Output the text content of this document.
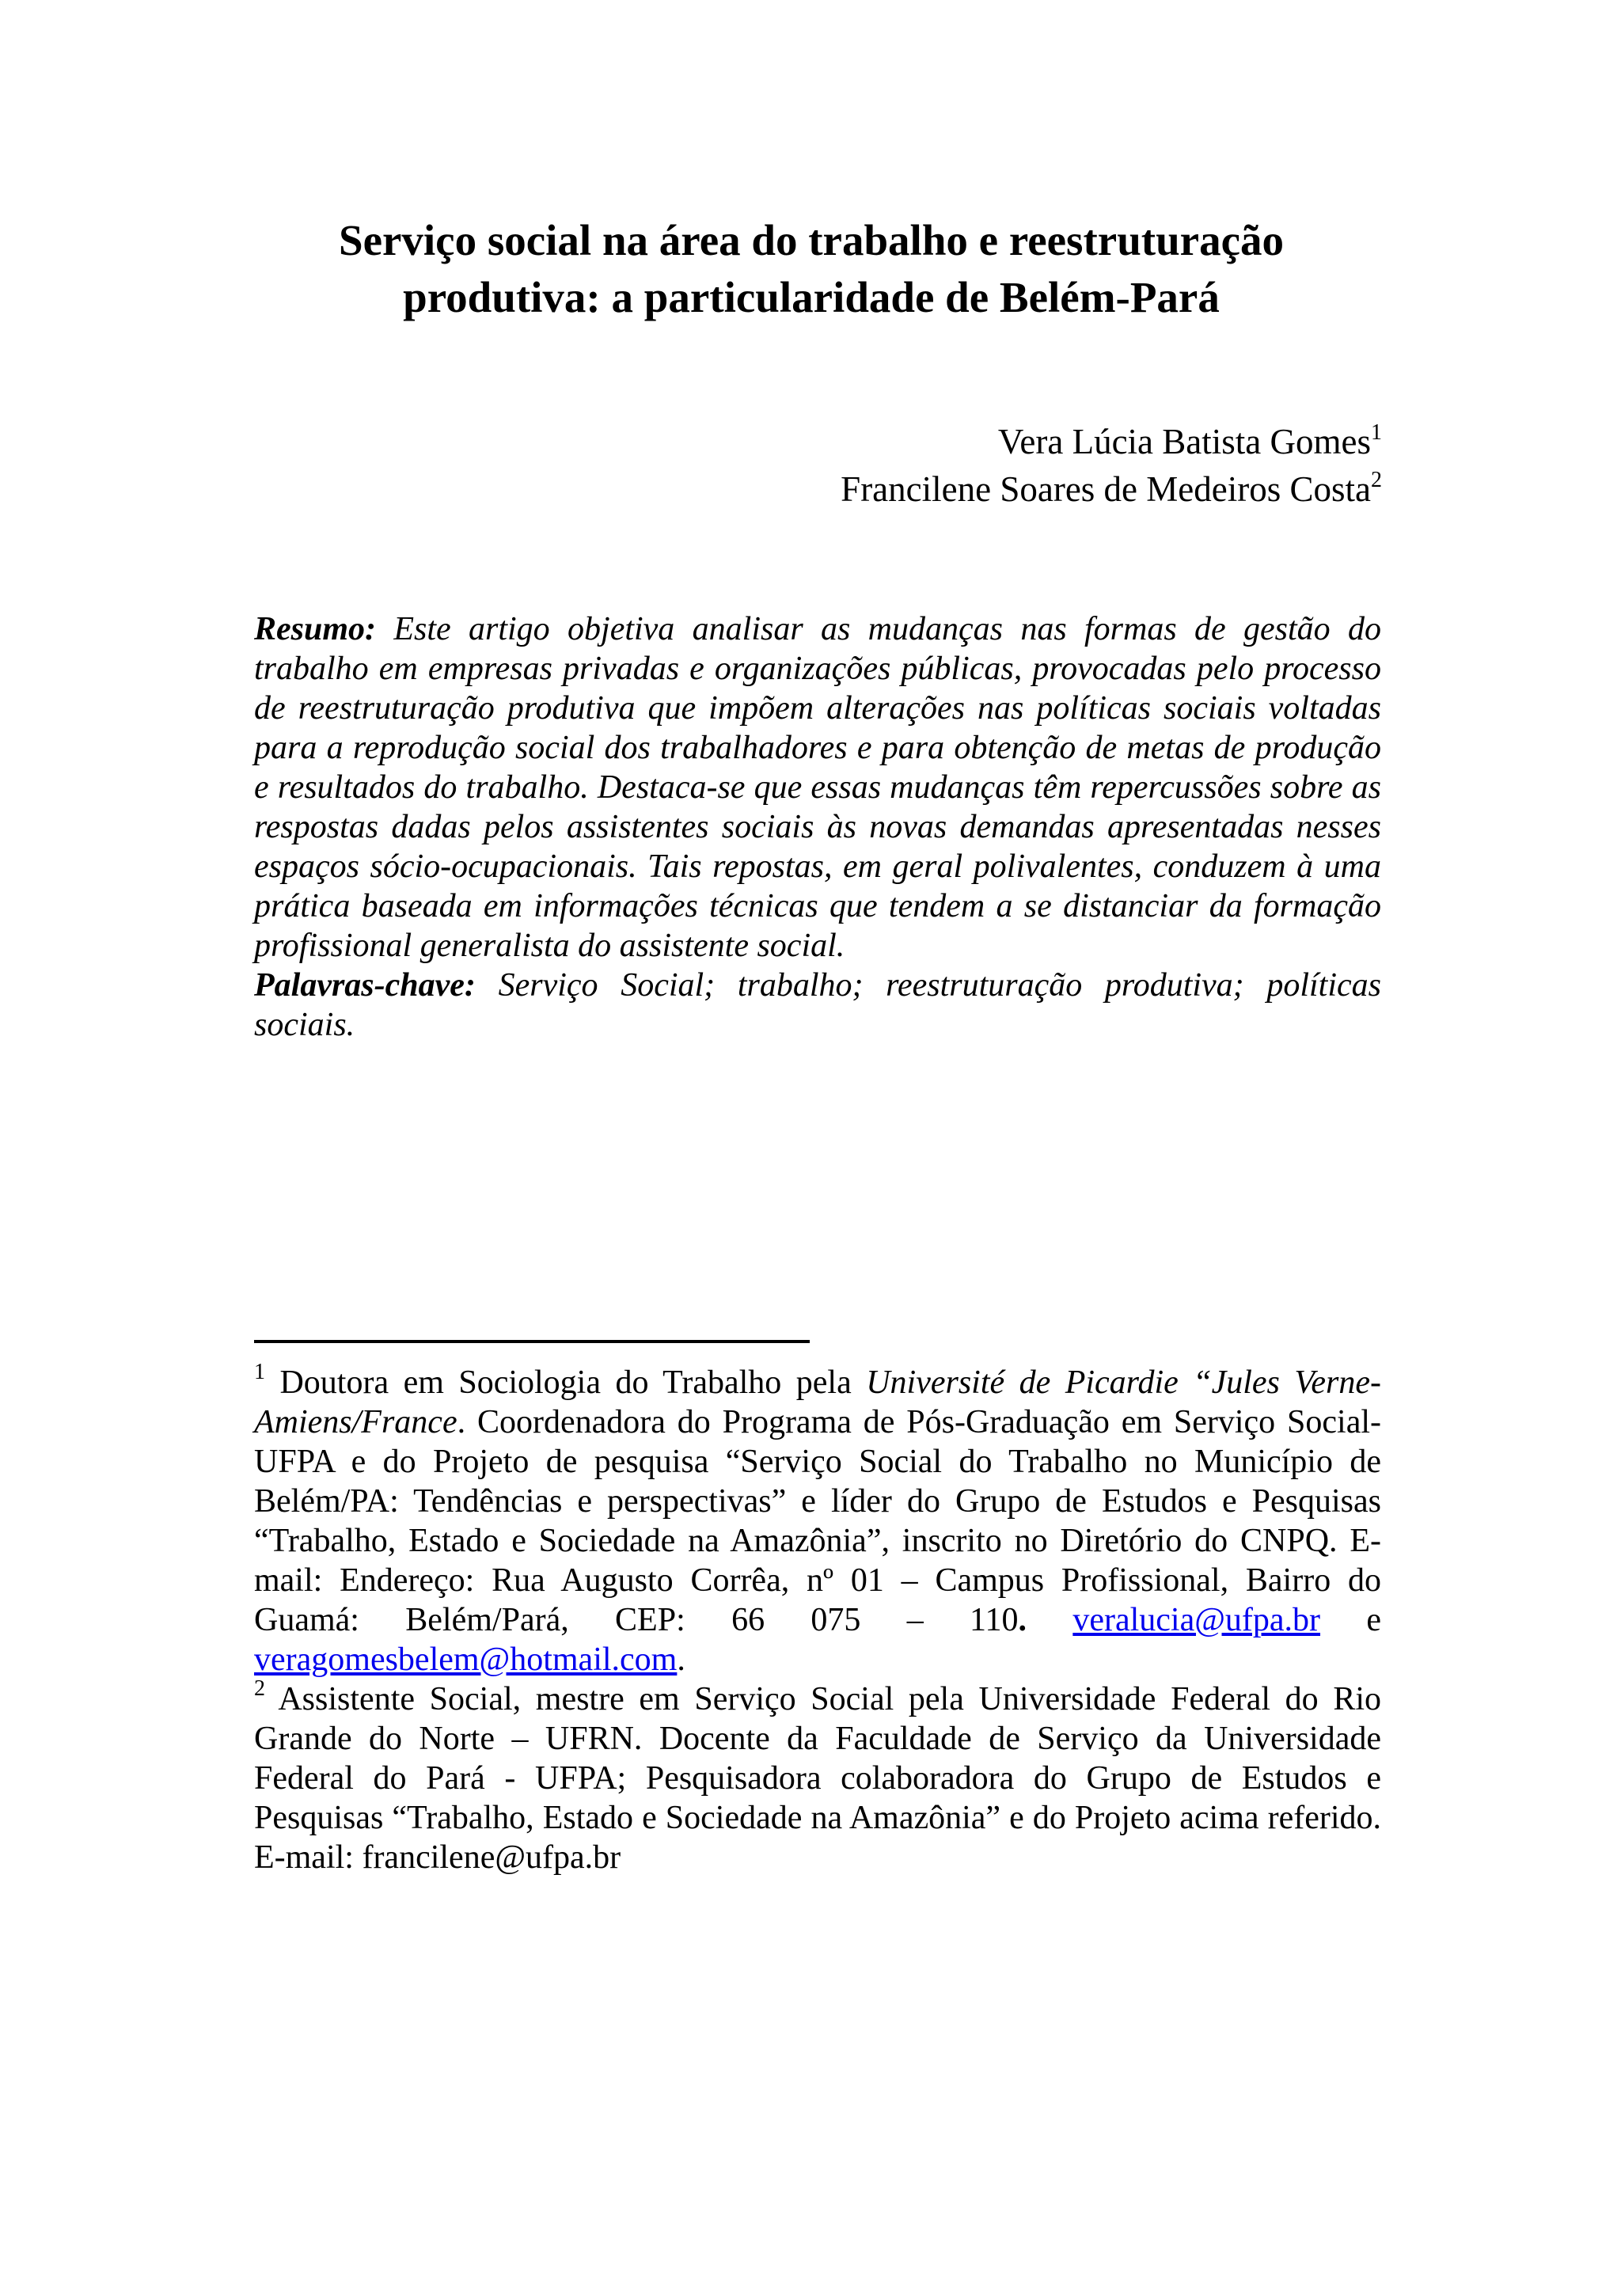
Serviço social na área do trabalho e reestruturação
produtiva: a particularidade de Belém-Pará
Vera Lúcia Batista Gomes$^1$
Francilene Soares de Medeiros Costa$^2$

Resumo: Este artigo objetiva analisar as mudanças nas formas de gestão do trabalho em empresas privadas e organizações públicas, provocadas pelo processo de reestruturação produtiva que impõem alterações nas políticas sociais voltadas para a reprodução social dos trabalhadores e para obtenção de metas de produção e resultados do trabalho. Destaca-se que essas mudanças têm repercussões sobre as respostas dadas pelos assistentes sociais às novas demandas apresentadas nesses espaços sócio-ocupacionais. Tais repostas, em geral polivalentes, conduzem à uma prática baseada em informações técnicas que tendem a se distanciar da formação profissional generalista do assistente social.

Palavras-chave: Serviço Social; trabalho; reestruturação produtiva; políticas sociais.

$^1$ Doutora em Sociologia do Trabalho pela Université de Picardie “Jules Verne-Amiens/France. Coordenadora do Programa de Pós-Graduação em Serviço Social-UFPA e do Projeto de pesquisa “Serviço Social do Trabalho no Município de Belém/PA: Tendências e perspectivas” e líder do Grupo de Estudos e Pesquisas “Trabalho, Estado e Sociedade na Amazônia”, inscrito no Diretório do CNPQ. E-mail: Endereço: Rua Augusto Corrêa, nº 01 – Campus Profissional, Bairro do Guamá: Belém/Pará, CEP: 66 075 – 110. veralucia@ufpa.br e veragomesbelem@hotmail.com.

$^2$ Assistente Social, mestre em Serviço Social pela Universidade Federal do Rio Grande do Norte – UFRN. Docente da Faculdade de Serviço da Universidade Federal do Pará - UFPA; Pesquisadora colaboradora do Grupo de Estudos e Pesquisas “Trabalho, Estado e Sociedade na Amazônia” e do Projeto acima referido. E-mail: francilene@ufpa.br
